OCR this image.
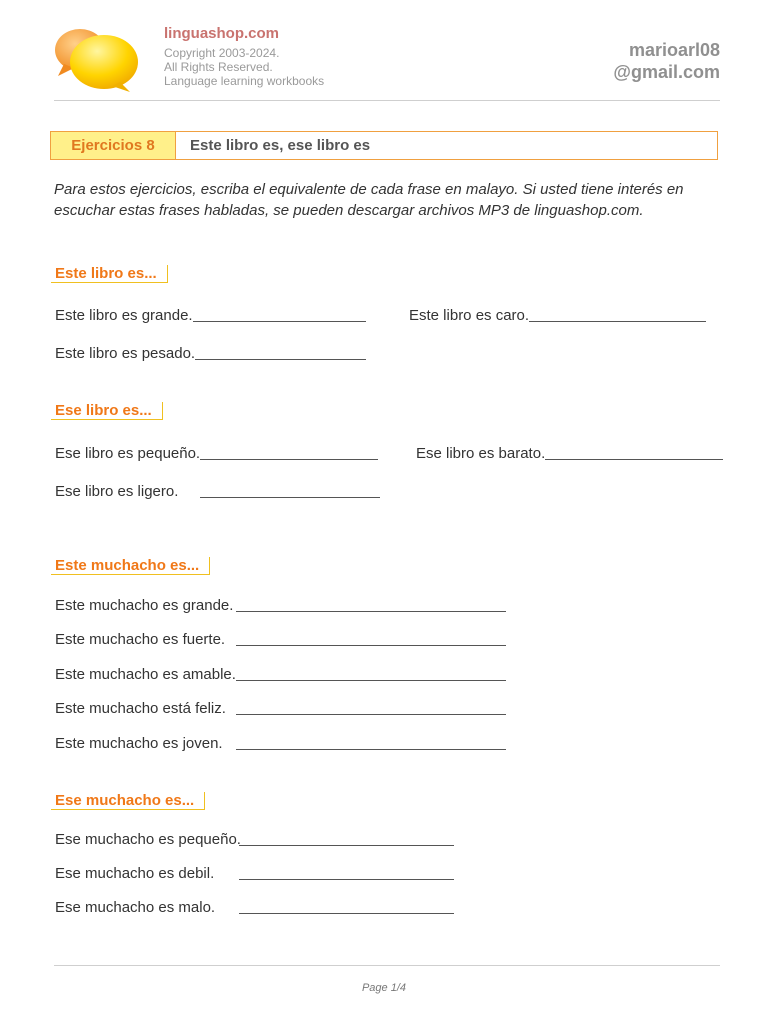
linguashop.com
Copyright 2003-2024.
All Rights Reserved.
Language learning workbooks
marioarl08
@gmail.com
Ejercicios 8	Este libro es, ese libro es
Para estos ejercicios, escriba el equivalente de cada frase en malayo. Si usted tiene interés en escuchar estas frases habladas, se pueden descargar archivos MP3 de linguashop.com.
Este libro es...
Este libro es grande.	Este libro es caro.
Este libro es pesado.
Ese libro es...
Ese libro es pequeño.	Ese libro es barato.
Ese libro es ligero.
Este muchacho es...
Este muchacho es grande.
Este muchacho es fuerte.
Este muchacho es amable.
Este muchacho está feliz.
Este muchacho es joven.
Ese muchacho es...
Ese muchacho es pequeño.
Ese muchacho es debil.
Ese muchacho es malo.
Page 1/4
